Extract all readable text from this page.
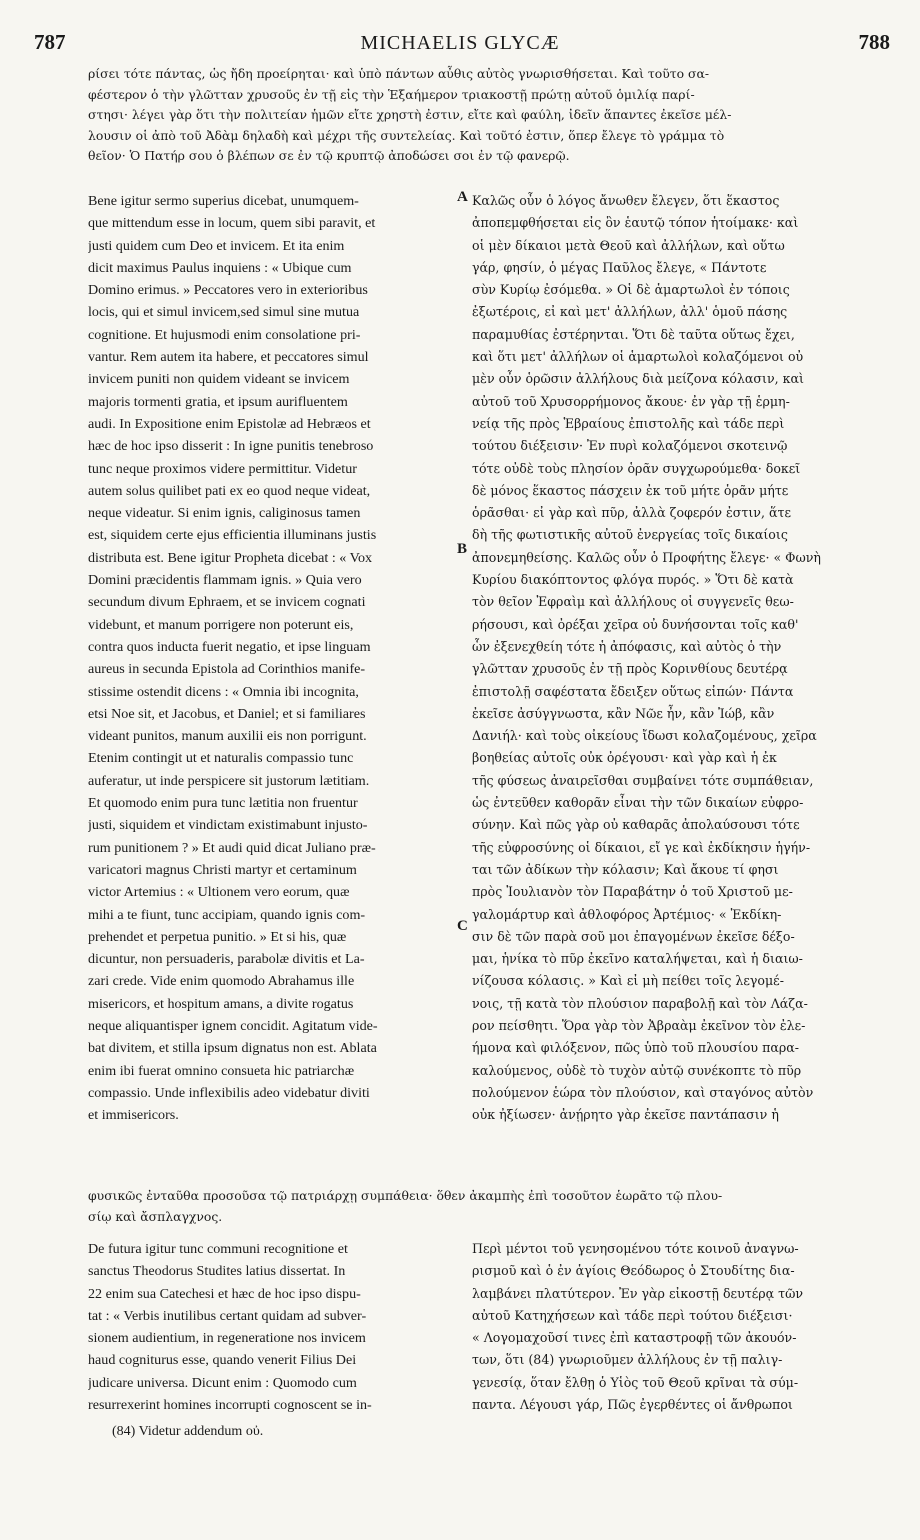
787	MICHAELIS GLYCÆ	788
ρίσει τότε πάντας, ὡς ἤδη προείρηται· καὶ ὑπὸ πάντων αὖθις αὐτὸς γνωρισθήσεται. Καὶ τοῦτο σα-
φέστερον ὁ τὴν γλῶτταν χρυσοῦς ἐν τῇ εἰς τὴν Ἑξαήμερον τριακοστῇ πρώτῃ αὐτοῦ ὁμιλίᾳ παρί-
στησι· λέγει γὰρ ὅτι τὴν πολιτείαν ἡμῶν εἴτε χρηστὴ ἐστιν, εἴτε καὶ φαύλη, ἰδεῖν ἅπαντες ἐκεῖσε μέλ-
λουσιν οἱ ἀπὸ τοῦ Ἀδὰμ δηλαδὴ καὶ μέχρι τῆς συντελείας. Καὶ τοῦτό ἐστιν, ὅπερ ἔλεγε τὸ γράμμα τὸ
θεῖον· Ὁ Πατήρ σου ὁ βλέπων σε ἐν τῷ κρυπτῷ ἀποδώσει σοι ἐν τῷ φανερῷ.
A
B
C
Bene igitur sermo superius dicebat, unumquem-
que mittendum esse in locum, quem sibi paravit, et
justi quidem cum Deo et invicem. Et ita enim
dicit maximus Paulus inquiens : « Ubique cum
Domino erimus. » Peccatores vero in exterioribus
locis, qui et simul invicem,sed simul sine mutua
cognitione. Et hujusmodi enim consolatione pri-
vantur. Rem autem ita habere, et peccatores simul
invicem puniti non quidem videant se invicem
majoris tormenti gratia, et ipsum aurifluentem
audi. In Expositione enim Epistolæ ad Hebræos et
hæc de hoc ipso disserit : In igne punitis tenebroso
tunc neque proximos videre permittitur. Videtur
autem solus quilibet pati ex eo quod neque videat,
neque videatur. Si enim ignis, caliginosus tamen
est, siquidem certe ejus efficientia illuminans justis
distributa est. Bene igitur Propheta dicebat : « Vox
Domini præcidentis flammam ignis. » Quia vero
secundum divum Ephraem, et se invicem cognati
videbunt, et manum porrigere non poterunt eis,
contra quos inducta fuerit negatio, et ipse linguam
aureus in secunda Epistola ad Corinthios manife-
stissime ostendit dicens : « Omnia ibi incognita,
etsi Noe sit, et Jacobus, et Daniel; et si familiares
videant punitos, manum auxilii eis non porrigunt.
Etenim contingit ut et naturalis compassio tunc
auferatur, ut inde perspicere sit justorum lætitiam.
Et quomodo enim pura tunc lætitia non fruentur
justi, siquidem et vindictam existimabunt injusto-
rum punitionem ? » Et audi quid dicat Juliano præ-
varicatori magnus Christi martyr et certaminum
victor Artemius : « Ultionem vero eorum, quæ
mihi a te fiunt, tunc accipiam, quando ignis com-
prehendet et perpetua punitio. » Et si his, quæ
dicuntur, non persuaderis, parabolæ divitis et La-
zari crede. Vide enim quomodo Abrahamus ille
misericors, et hospitum amans, a divite rogatus
neque aliquantisper ignem concidit. Agitatum vide-
bat divitem, et stilla ipsum dignatus non est. Ablata
enim ibi fuerat omnino consueta hic patriarchæ
compassio. Unde inflexibilis adeo videbatur diviti
et immisericors.
Καλῶς οὖν ὁ λόγος ἄνωθεν ἔλεγεν, ὅτι ἕκαστος
ἀποπεμφθήσεται εἰς ὃν ἑαυτῷ τόπον ἡτοίμακε· καὶ
οἱ μὲν δίκαιοι μετὰ Θεοῦ καὶ ἀλλήλων, καὶ οὕτω
γάρ, φησίν, ὁ μέγας Παῦλος ἔλεγε, « Πάντοτε
σὺν Κυρίῳ ἐσόμεθα. » Οἱ δὲ ἁμαρτωλοὶ ἐν τόποις
ἐξωτέροις, εἰ καὶ μετ' ἀλλήλων, ἀλλ' ὁμοῦ πάσης
παραμυθίας ἐστέρηνται. Ὅτι δὲ ταῦτα οὕτως ἔχει,
καὶ ὅτι μετ' ἀλλήλων οἱ ἁμαρτωλοὶ κολαζόμενοι οὐ
μὲν οὖν ὁρῶσιν ἀλλήλους διὰ μείζονα κόλασιν, καὶ
αὐτοῦ τοῦ Χρυσορρήμονος ἄκουε· ἐν γὰρ τῇ ἑρμη-
νείᾳ τῆς πρὸς Ἑβραίους ἐπιστολῆς καὶ τάδε περὶ
τούτου διέξεισιν· Ἐν πυρὶ κολαζόμενοι σκοτεινῷ
τότε οὐδὲ τοὺς πλησίον ὁρᾶν συγχωρούμεθα· δοκεῖ
δὲ μόνος ἕκαστος πάσχειν ἐκ τοῦ μήτε ὁρᾶν μήτε
ὁρᾶσθαι· εἰ γὰρ καὶ πῦρ, ἀλλὰ ζοφερόν ἐστιν, ἅτε
δὴ τῆς φωτιστικῆς αὐτοῦ ἐνεργείας τοῖς δικαίοις
ἀπονεμηθείσης. Καλῶς οὖν ὁ Προφήτης ἔλεγε· « Φωνὴ
Κυρίου διακόπτοντος φλόγα πυρός. » Ὅτι δὲ κατὰ
τὸν θεῖον Ἐφραὶμ καὶ ἀλλήλους οἱ συγγενεῖς θεω-
ρήσουσι, καὶ ὀρέξαι χεῖρα οὐ δυνήσονται τοῖς καθ'
ὧν ἐξενεχθείη τότε ἡ ἀπόφασις, καὶ αὐτὸς ὁ τὴν
γλῶτταν χρυσοῦς ἐν τῇ πρὸς Κορινθίους δευτέρᾳ
ἐπιστολῇ σαφέστατα ἔδειξεν οὕτως εἰπών· Πάντα
ἐκεῖσε ἀσύγγνωστα, κἂν Νῶε ἦν, κἂν Ἰώβ, κἂν
Δανιήλ· καὶ τοὺς οἰκείους ἴδωσι κολαζομένους, χεῖρα
βοηθείας αὐτοῖς οὐκ ὀρέγουσι· καὶ γὰρ καὶ ἡ ἐκ
τῆς φύσεως ἀναιρεῖσθαι συμβαίνει τότε συμπάθειαν,
ὡς ἐντεῦθεν καθορᾶν εἶναι τὴν τῶν δικαίων εὐφρο-
σύνην. Καὶ πῶς γὰρ οὐ καθαρᾶς ἀπολαύσουσι τότε
τῆς εὐφροσύνης οἱ δίκαιοι, εἴ γε καὶ ἐκδίκησιν ἡγήν-
ται τῶν ἀδίκων τὴν κόλασιν; Καὶ ἄκουε τί φησι
πρὸς Ἰουλιανὸν τὸν Παραβάτην ὁ τοῦ Χριστοῦ με-
γαλομάρτυρ καὶ ἀθλοφόρος Ἀρτέμιος· « Ἐκδίκη-
σιν δὲ τῶν παρὰ σοῦ μοι ἐπαγομένων ἐκεῖσε δέξο-
μαι, ἡνίκα τὸ πῦρ ἐκεῖνο καταλήψεται, καὶ ἡ διαιω-
νίζουσα κόλασις. » Καὶ εἰ μὴ πείθει τοῖς λεγομέ-
νοις, τῇ κατὰ τὸν πλούσιον παραβολῇ καὶ τὸν Λάζα-
ρον πείσθητι. Ὅρα γὰρ τὸν Ἀβραὰμ ἐκεῖνον τὸν ἐλε-
ήμονα καὶ φιλόξενον, πῶς ὑπὸ τοῦ πλουσίου παρα-
καλούμενος, οὐδὲ τὸ τυχὸν αὐτῷ συνέκοπτε τὸ πῦρ
πολούμενον ἑώρα τὸν πλούσιον, καὶ σταγόνος αὐτὸν
οὐκ ἠξίωσεν· ἀνῄρητο γὰρ ἐκεῖσε παντάπασιν ἡ
φυσικῶς ἐνταῦθα προσοῦσα τῷ πατριάρχῃ συμπάθεια· ὅθεν ἀκαμπὴς ἐπὶ τοσοῦτον ἑωρᾶτο τῷ πλου-
σίῳ καὶ ἄσπλαγχνος.
De futura igitur tunc communi recognitione et
sanctus Theodorus Studites latius dissertat. In
22 enim sua Catechesi et hæc de hoc ipso dispu-
tat : « Verbis inutilibus certant quidam ad subver-
sionem audientium, in regeneratione nos invicem
haud cogniturus esse, quando venerit Filius Dei
judicare universa. Dicunt enim : Quomodo cum
resurrexerint homines incorrupti cognoscent se in-
Περὶ μέντοι τοῦ γενησομένου τότε κοινοῦ ἀναγνω-
ρισμοῦ καὶ ὁ ἐν ἁγίοις Θεόδωρος ὁ Στουδίτης δια-
λαμβάνει πλατύτερον. Ἐν γὰρ εἰκοστῇ δευτέρᾳ τῶν
αὐτοῦ Κατηχήσεων καὶ τάδε περὶ τούτου διέξεισι·
« Λογομαχοῦσί τινες ἐπὶ καταστροφῇ τῶν ἀκουόν-
των, ὅτι (84) γνωριοῦμεν ἀλλήλους ἐν τῇ παλιγ-
γενεσίᾳ, ὅταν ἔλθῃ ὁ Υἱὸς τοῦ Θεοῦ κρῖναι τὰ σύμ-
παντα. Λέγουσι γάρ, Πῶς ἐγερθέντες οἱ ἄνθρωποι
(84) Videtur addendum οὐ.
